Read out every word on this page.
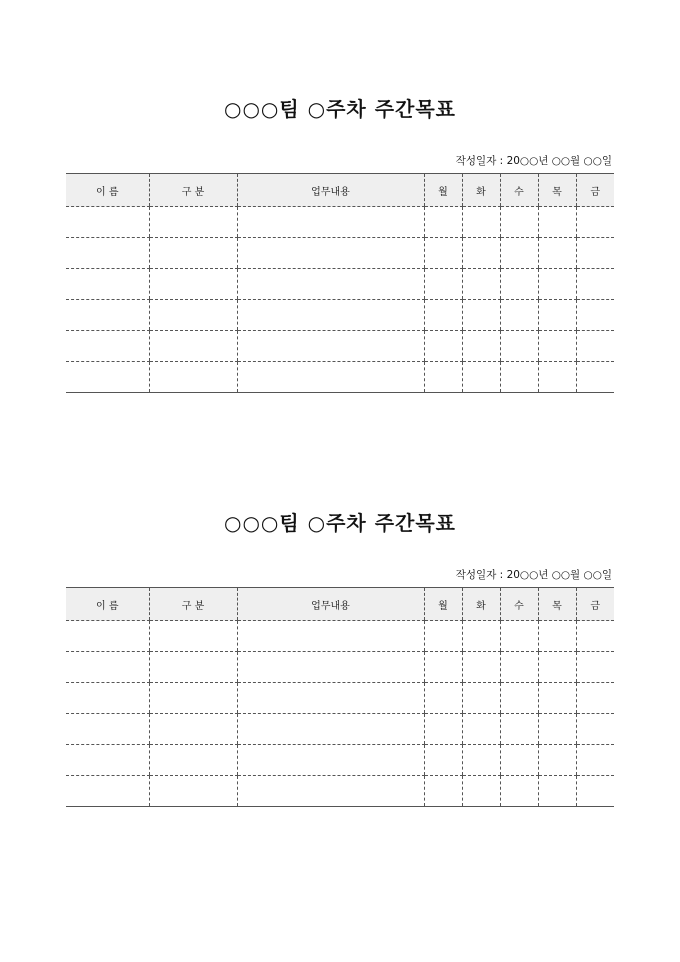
○○○팀 ○주차 주간목표
작성일자 : 20○○년 ○○월 ○○일
이 름	구 분	업무내용	월	화	수	목	금

○○○팀 ○주차 주간목표
작성일자 : 20○○년 ○○월 ○○일
이 름	구 분	업무내용	월	화	수	목	금
